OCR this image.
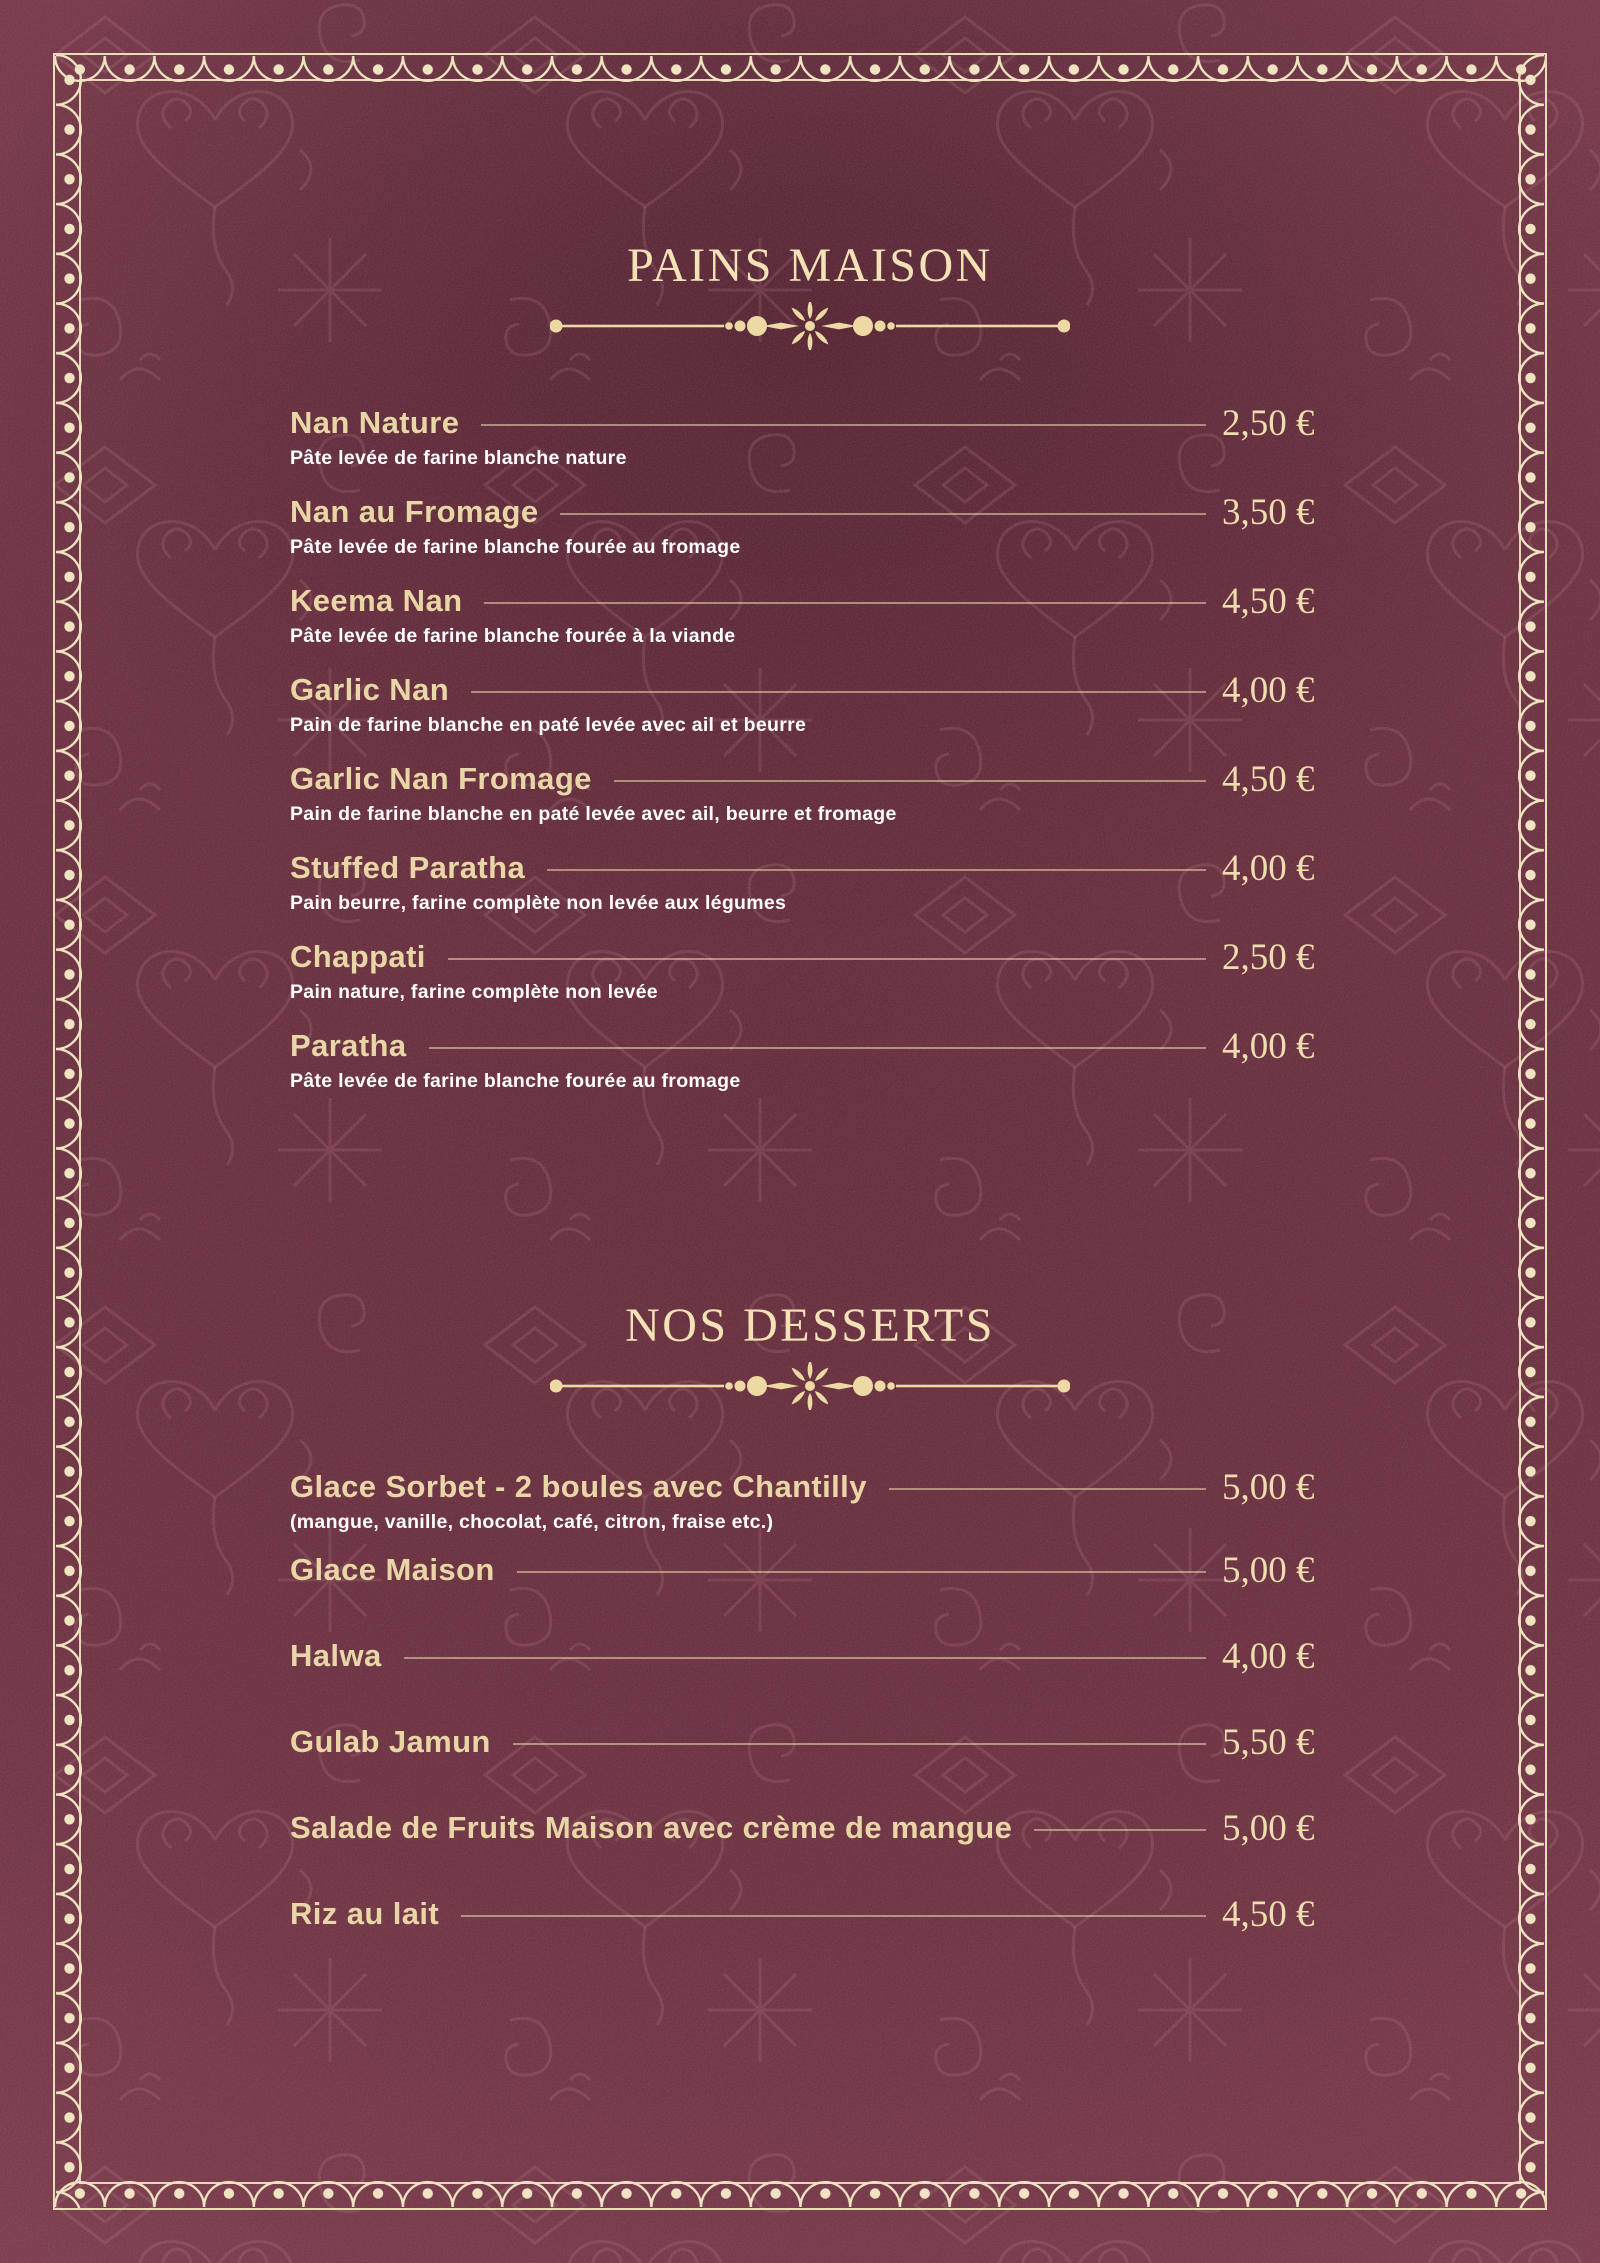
PAINS MAISON
Nan Nature	2,50 €
Pâte levée de farine blanche nature
Nan au Fromage	3,50 €
Pâte levée de farine blanche fourée au fromage
Keema Nan	4,50 €
Pâte levée de farine blanche fourée à la viande
Garlic Nan	4,00 €
Pain de farine blanche en paté levée avec ail et beurre
Garlic Nan Fromage	4,50 €
Pain de farine blanche en paté levée avec ail, beurre et fromage
Stuffed Paratha	4,00 €
Pain beurre, farine complète non levée aux légumes
Chappati	2,50 €
Pain nature, farine complète non levée
Paratha	4,00 €
Pâte levée de farine blanche fourée au fromage
NOS DESSERTS
Glace Sorbet - 2 boules avec Chantilly	5,00 €
(mangue, vanille, chocolat, café, citron, fraise etc.)
Glace Maison	5,00 €
Halwa	4,00 €
Gulab Jamun	5,50 €
Salade de Fruits Maison avec crème de mangue	5,00 €
Riz au lait	4,50 €
